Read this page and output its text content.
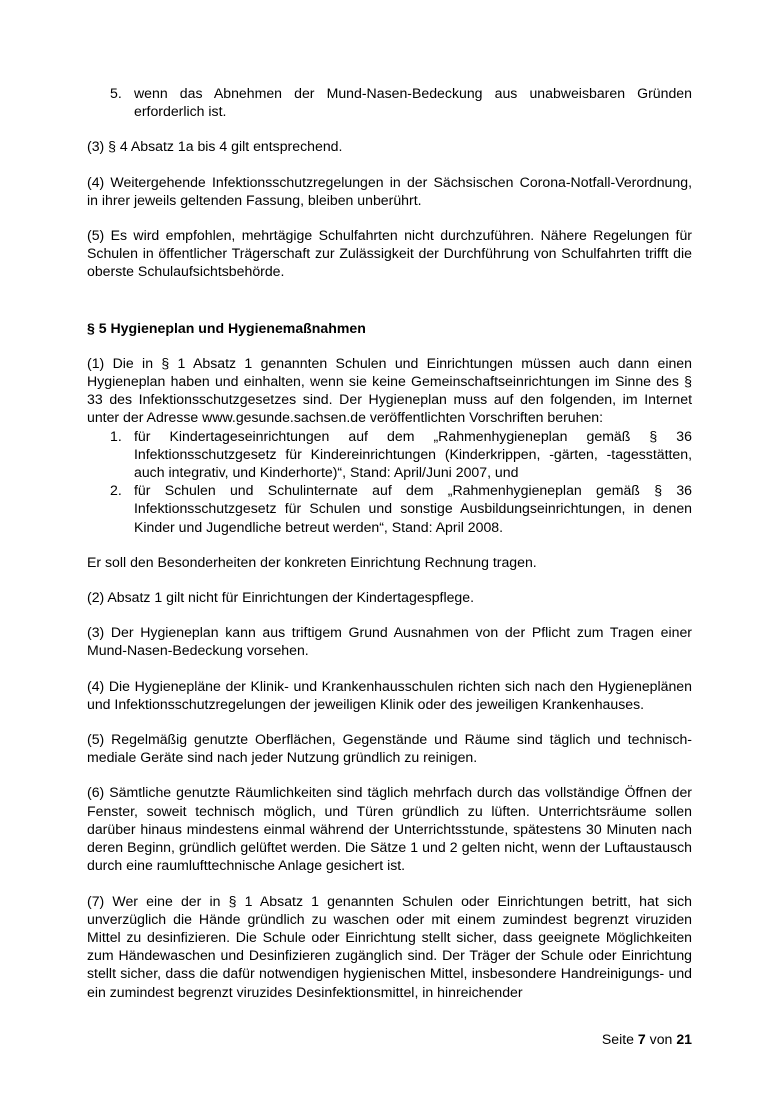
5. wenn das Abnehmen der Mund-Nasen-Bedeckung aus unabweisbaren Gründen erforderlich ist.

(3) § 4 Absatz 1a bis 4 gilt entsprechend.

(4) Weitergehende Infektionsschutzregelungen in der Sächsischen Corona-Notfall-Verordnung, in ihrer jeweils geltenden Fassung, bleiben unberührt.

(5) Es wird empfohlen, mehrtägige Schulfahrten nicht durchzuführen. Nähere Regelungen für Schulen in öffentlicher Trägerschaft zur Zulässigkeit der Durchführung von Schulfahrten trifft die oberste Schulaufsichtsbehörde.

§ 5 Hygieneplan und Hygienemaßnahmen

(1) Die in § 1 Absatz 1 genannten Schulen und Einrichtungen müssen auch dann einen Hygieneplan haben und einhalten, wenn sie keine Gemeinschaftseinrichtungen im Sinne des § 33 des Infektionsschutzgesetzes sind. Der Hygieneplan muss auf den folgenden, im Internet unter der Adresse www.gesunde.sachsen.de veröffentlichten Vorschriften beruhen:

1. für Kindertageseinrichtungen auf dem „Rahmenhygieneplan gemäß § 36 Infektionsschutzgesetz für Kindereinrichtungen (Kinderkrippen, -gärten, -tagesstätten, auch integrativ, und Kinderhorte)“, Stand: April/Juni 2007, und
2. für Schulen und Schulinternate auf dem „Rahmenhygieneplan gemäß § 36 Infektionsschutzgesetz für Schulen und sonstige Ausbildungseinrichtungen, in denen Kinder und Jugendliche betreut werden“, Stand: April 2008.

Er soll den Besonderheiten der konkreten Einrichtung Rechnung tragen.

(2) Absatz 1 gilt nicht für Einrichtungen der Kindertagespflege.

(3) Der Hygieneplan kann aus triftigem Grund Ausnahmen von der Pflicht zum Tragen einer Mund-Nasen-Bedeckung vorsehen.

(4) Die Hygienepläne der Klinik- und Krankenhausschulen richten sich nach den Hygieneplänen und Infektionsschutzregelungen der jeweiligen Klinik oder des jeweiligen Krankenhauses.

(5) Regelmäßig genutzte Oberflächen, Gegenstände und Räume sind täglich und technisch-mediale Geräte sind nach jeder Nutzung gründlich zu reinigen.

(6) Sämtliche genutzte Räumlichkeiten sind täglich mehrfach durch das vollständige Öffnen der Fenster, soweit technisch möglich, und Türen gründlich zu lüften. Unterrichtsräume sollen darüber hinaus mindestens einmal während der Unterrichtsstunde, spätestens 30 Minuten nach deren Beginn, gründlich gelüftet werden. Die Sätze 1 und 2 gelten nicht, wenn der Luftaustausch durch eine raumlufttechnische Anlage gesichert ist.

(7) Wer eine der in § 1 Absatz 1 genannten Schulen oder Einrichtungen betritt, hat sich unverzüglich die Hände gründlich zu waschen oder mit einem zumindest begrenzt viruziden Mittel zu desinfizieren. Die Schule oder Einrichtung stellt sicher, dass geeignete Möglichkeiten zum Händewaschen und Desinfizieren zugänglich sind. Der Träger der Schule oder Einrichtung stellt sicher, dass die dafür notwendigen hygienischen Mittel, insbesondere Handreinigungs- und ein zumindest begrenzt viruzides Desinfektionsmittel, in hinreichender

Seite 7 von 21
